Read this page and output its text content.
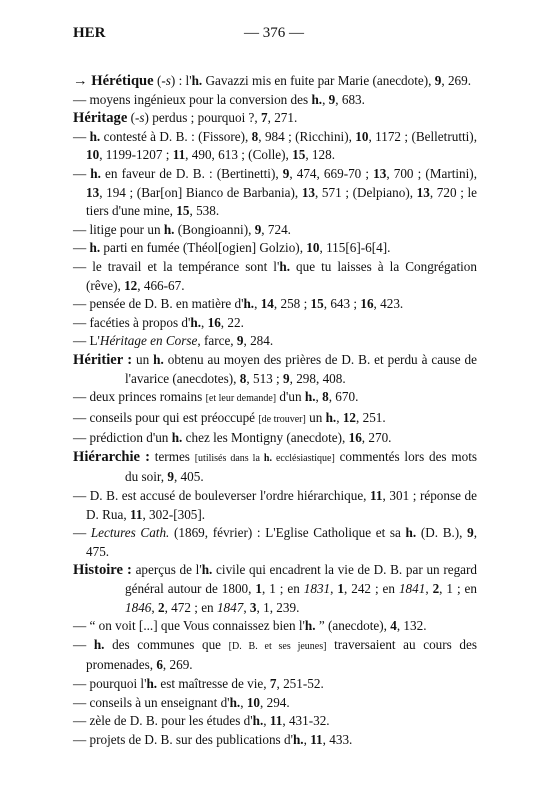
HER	— 376 —

→ Hérétique (-s) : l'h. Gavazzi mis en fuite par Marie (anecdote), 9, 269.

— moyens ingénieux pour la conversion des h., 9, 683.

Héritage (-s) perdus ; pourquoi ?, 7, 271.

— h. contesté à D. B. : (Fissore), 8, 984 ; (Ricchini), 10, 1172 ; (Belletrutti), 10, 1199-1207 ; 11, 490, 613 ; (Colle), 15, 128.

— h. en faveur de D. B. : (Bertinetti), 9, 474, 669-70 ; 13, 700 ; (Martini), 13, 194 ; (Bar[on] Bianco de Barbania), 13, 571 ; (Delpiano), 13, 720 ; le tiers d'une mine, 15, 538.

— litige pour un h. (Bongioanni), 9, 724.

— h. parti en fumée (Théol[ogien] Golzio), 10, 115[6]-6[4].

— le travail et la tempérance sont l'h. que tu laisses à la Congrégation (rêve), 12, 466-67.

— pensée de D. B. en matière d'h., 14, 258 ; 15, 643 ; 16, 423.

— facéties à propos d'h., 16, 22.

— L'Héritage en Corse, farce, 9, 284.

Héritier : un h. obtenu au moyen des prières de D. B. et perdu à cause de l'avarice (anecdotes), 8, 513 ; 9, 298, 408.

— deux princes romains [et leur demande] d'un h., 8, 670.

— conseils pour qui est préoccupé [de trouver] un h., 12, 251.

— prédiction d'un h. chez les Montigny (anecdote), 16, 270.

Hiérarchie : termes [utilisés dans la h. ecclésiastique] commentés lors des mots du soir, 9, 405.

— D. B. est accusé de bouleverser l'ordre hiérarchique, 11, 301 ; réponse de D. Rua, 11, 302-[305].

— Lectures Cath. (1869, février) : L'Eglise Catholique et sa h. (D. B.), 9, 475.

Histoire : aperçus de l'h. civile qui encadrent la vie de D. B. par un regard général autour de 1800, 1, 1 ; en 1831, 1, 242 ; en 1841, 2, 1 ; en 1846, 2, 472 ; en 1847, 3, 1, 239.

— “ on voit [...] que Vous connaissez bien l'h. ” (anecdote), 4, 132.

— h. des communes que [D. B. et ses jeunes] traversaient au cours des promenades, 6, 269.

— pourquoi l'h. est maîtresse de vie, 7, 251-52.

— conseils à un enseignant d'h., 10, 294.

— zèle de D. B. pour les études d'h., 11, 431-32.

— projets de D. B. sur des publications d'h., 11, 433.
